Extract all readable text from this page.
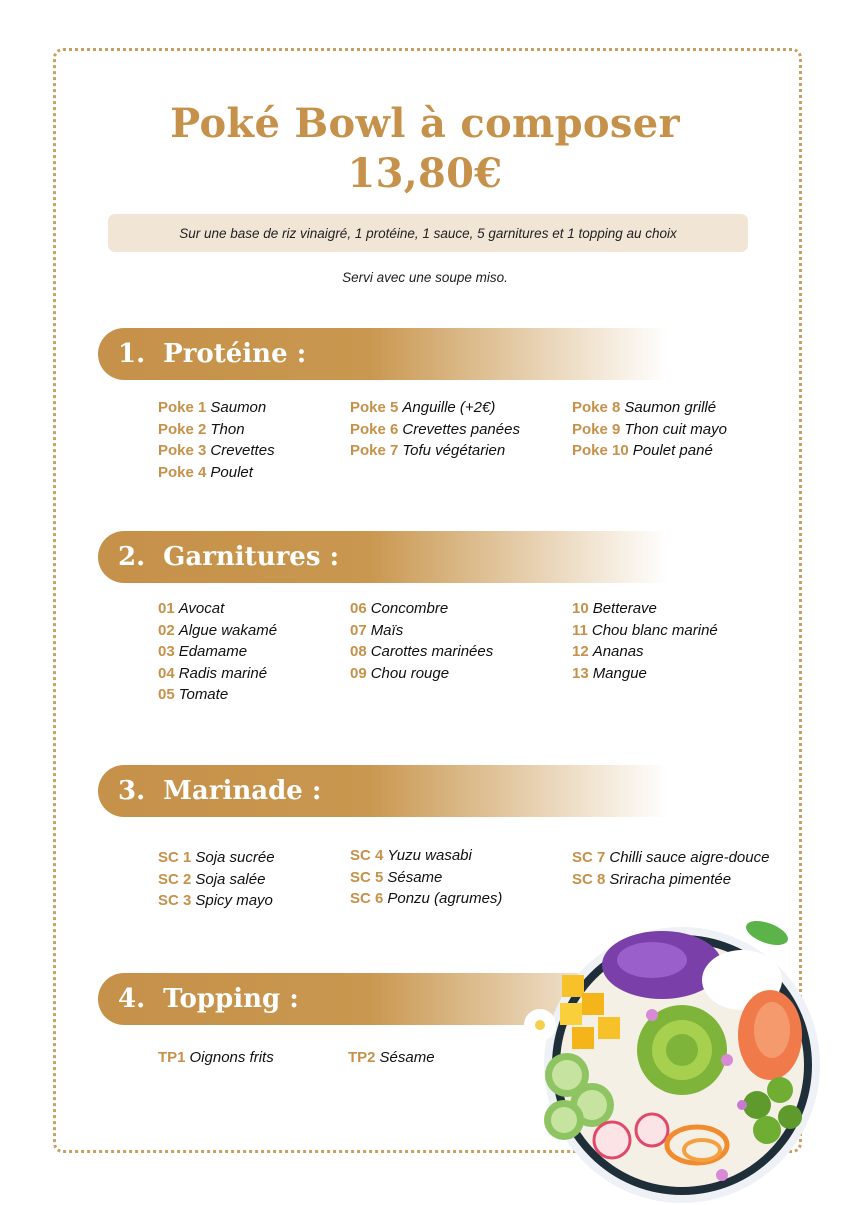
Poké Bowl à composer
13,80€
Sur une base de riz vinaigré, 1 protéine, 1 sauce, 5 garnitures et 1 topping au choix
Servi avec une soupe miso.
1. Protéine :
Poke 1 Saumon
Poke 2 Thon
Poke 3 Crevettes
Poke 4 Poulet
Poke 5 Anguille (+2€)
Poke 6 Crevettes panées
Poke 7 Tofu végétarien
Poke 8 Saumon grillé
Poke 9 Thon cuit mayo
Poke 10 Poulet pané
2. Garnitures :
01 Avocat
02 Algue wakamé
03 Edamame
04 Radis mariné
05 Tomate
06 Concombre
07 Maïs
08 Carottes marinées
09 Chou rouge
10 Betterave
11 Chou blanc mariné
12 Ananas
13 Mangue
3. Marinade :
SC 1 Soja sucrée
SC 2 Soja salée
SC 3 Spicy mayo
SC 4 Yuzu wasabi
SC 5 Sésame
SC 6 Ponzu (agrumes)
SC 7 Chilli sauce aigre-douce
SC 8 Sriracha pimentée
4. Topping :
TP1 Oignons frits	TP2 Sésame
